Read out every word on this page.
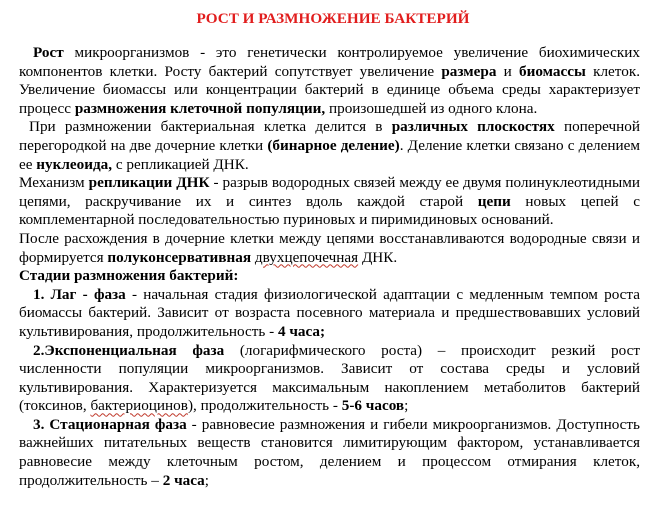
РОСТ И РАЗМНОЖЕНИЕ БАКТЕРИЙ

Рост микроорганизмов - это генетически контролируемое увеличение биохимических компонентов клетки. Росту бактерий сопутствует увеличение размера и биомассы клеток. Увеличение биомассы или концентрации бактерий в единице объема среды характеризует процесс размножения клеточной популяции, произошедшей из одного клона.

При размножении бактериальная клетка делится в различных плоскостях поперечной перегородкой на две дочерние клетки (бинарное деление). Деление клетки связано с делением ее нуклеоида, с репликацией ДНК.

Механизм репликации ДНК - разрыв водородных связей между ее двумя полинуклеотидными цепями, раскручивание их и синтез вдоль каждой старой цепи новых цепей с комплементарной последовательностью пуриновых и пиримидиновых оснований.

После расхождения в дочерние клетки между цепями восстанавливаются водородные связи и формируется полуконсервативная двухцепочечная ДНК.

Стадии размножения бактерий:

1. Лаг - фаза - начальная стадия физиологической адаптации с медленным темпом роста биомассы бактерий. Зависит от возраста посевного материала и предшествовавших условий культивирования, продолжительность - 4 часа;

2.Экспоненциальная фаза (логарифмического роста) – происходит резкий рост численности популяции микроорганизмов. Зависит от состава среды и условий культивирования. Характеризуется максимальным накоплением метаболитов бактерий (токсинов, бактериоцинов), продолжительность - 5-6 часов;

3. Стационарная фаза - равновесие размножения и гибели микроорганизмов. Доступность важнейших питательных веществ становится лимитирующим фактором, устанавливается равновесие между клеточным ростом, делением и процессом отмирания клеток, продолжительность – 2 часа;
